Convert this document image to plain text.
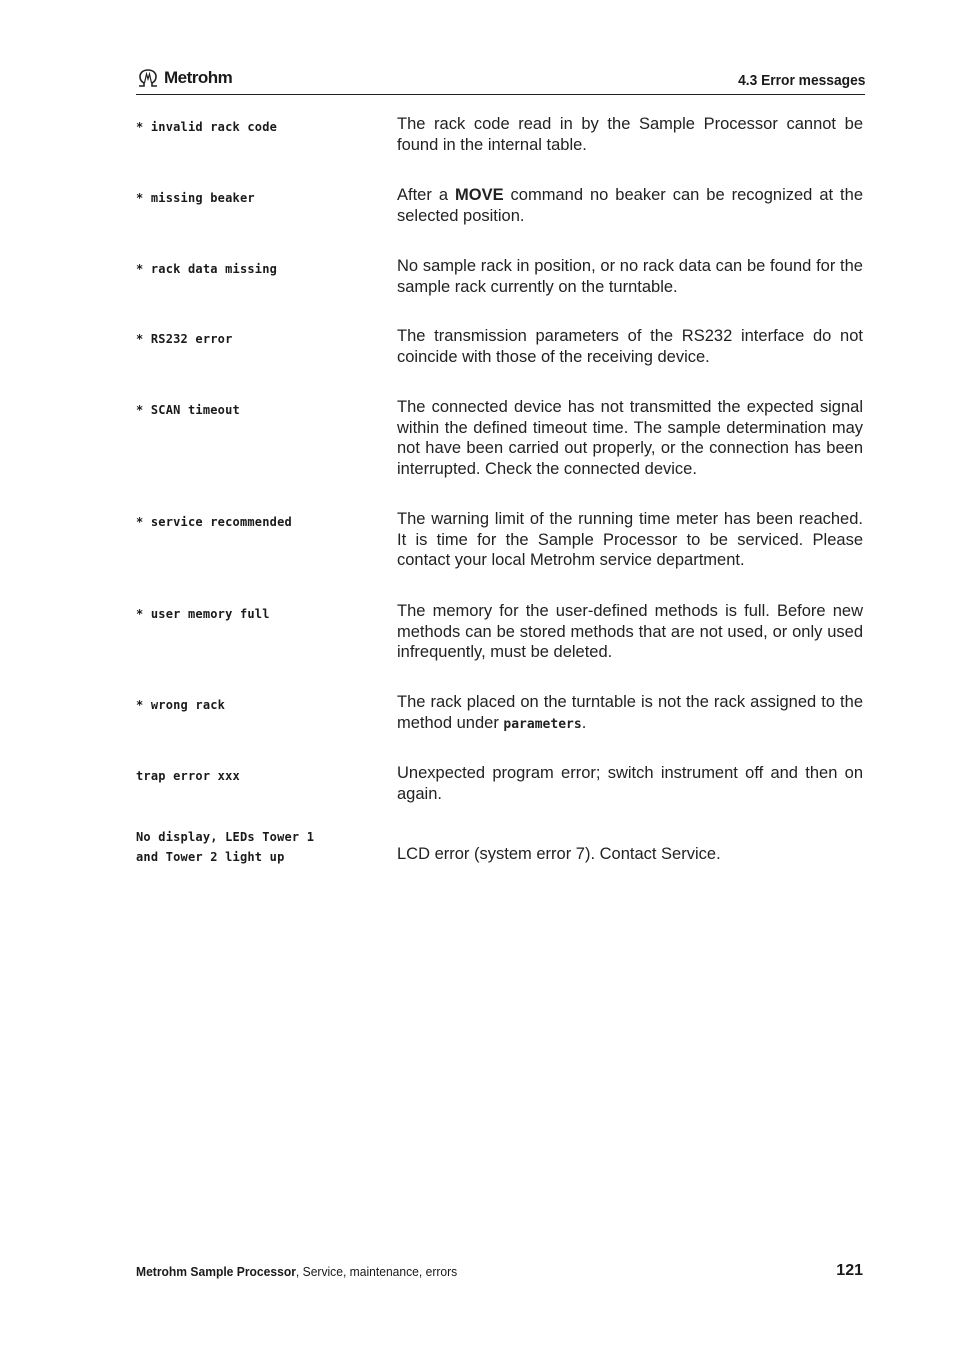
Metrohm	4.3 Error messages
* invalid rack code	The rack code read in by the Sample Processor cannot be found in the internal table.
* missing beaker	After a MOVE command no beaker can be recognized at the selected position.
* rack data missing	No sample rack in position, or no rack data can be found for the sample rack currently on the turntable.
* RS232 error	The transmission parameters of the RS232 interface do not coincide with those of the receiving device.
* SCAN timeout	The connected device has not transmitted the expected signal within the defined timeout time. The sample determination may not have been carried out properly, or the connection has been interrupted. Check the connected device.
* service recommended	The warning limit of the running time meter has been reached. It is time for the Sample Processor to be serviced. Please contact your local Metrohm service department.
* user memory full	The memory for the user-defined methods is full. Before new methods can be stored methods that are not used, or only used infrequently, must be deleted.
* wrong rack	The rack placed on the turntable is not the rack assigned to the method under parameters.
trap error xxx	Unexpected program error; switch instrument off and then on again.
No display, LEDs Tower 1
and Tower 2 light up	LCD error (system error 7). Contact Service.
Metrohm Sample Processor, Service, maintenance, errors	121
